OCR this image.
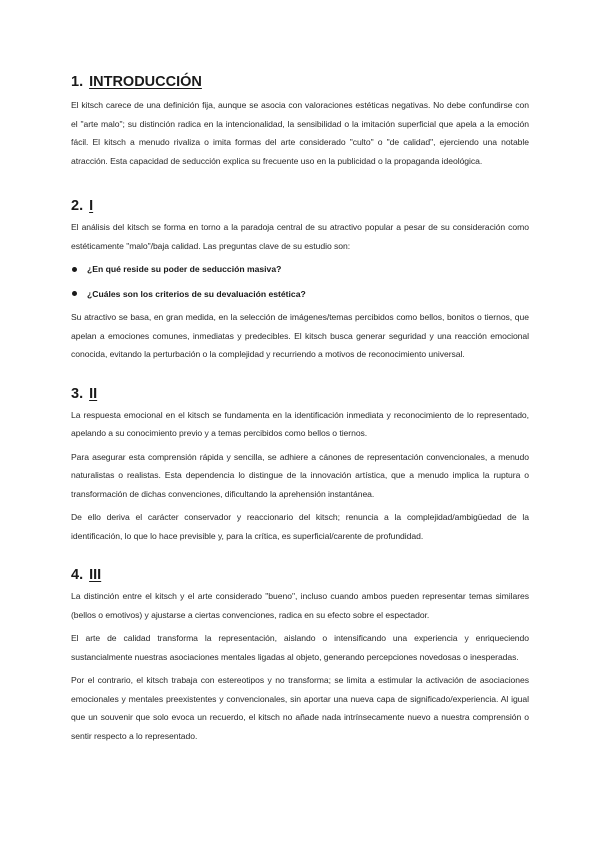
1. INTRODUCCIÓN

El kitsch carece de una definición fija, aunque se asocia con valoraciones estéticas negativas. No debe confundirse con el "arte malo"; su distinción radica en la intencionalidad, la sensibilidad o la imitación superficial que apela a la emoción fácil. El kitsch a menudo rivaliza o imita formas del arte considerado "culto" o "de calidad", ejerciendo una notable atracción. Esta capacidad de seducción explica su frecuente uso en la publicidad o la propaganda ideológica.

2. I

El análisis del kitsch se forma en torno a la paradoja central de su atractivo popular a pesar de su consideración como estéticamente "malo"/baja calidad. Las preguntas clave de su estudio son:

¿En qué reside su poder de seducción masiva?
¿Cuáles son los criterios de su devaluación estética?

Su atractivo se basa, en gran medida, en la selección de imágenes/temas percibidos como bellos, bonitos o tiernos, que apelan a emociones comunes, inmediatas y predecibles. El kitsch busca generar seguridad y una reacción emocional conocida, evitando la perturbación o la complejidad y recurriendo a motivos de reconocimiento universal.

3. II

La respuesta emocional en el kitsch se fundamenta en la identificación inmediata y reconocimiento de lo representado, apelando a su conocimiento previo y a temas percibidos como bellos o tiernos.

Para asegurar esta comprensión rápida y sencilla, se adhiere a cánones de representación convencionales, a menudo naturalistas o realistas. Esta dependencia lo distingue de la innovación artística, que a menudo implica la ruptura o transformación de dichas convenciones, dificultando la aprehensión instantánea.

De ello deriva el carácter conservador y reaccionario del kitsch; renuncia a la complejidad/ambigüedad de la identificación, lo que lo hace previsible y, para la crítica, es superficial/carente de profundidad.

4. III

La distinción entre el kitsch y el arte considerado "bueno", incluso cuando ambos pueden representar temas similares (bellos o emotivos) y ajustarse a ciertas convenciones, radica en su efecto sobre el espectador.

El arte de calidad transforma la representación, aislando o intensificando una experiencia y enriqueciendo sustancialmente nuestras asociaciones mentales ligadas al objeto, generando percepciones novedosas o inesperadas.

Por el contrario, el kitsch trabaja con estereotipos y no transforma; se limita a estimular la activación de asociaciones emocionales y mentales preexistentes y convencionales, sin aportar una nueva capa de significado/experiencia. Al igual que un souvenir que solo evoca un recuerdo, el kitsch no añade nada intrínsecamente nuevo a nuestra comprensión o sentir respecto a lo representado.
